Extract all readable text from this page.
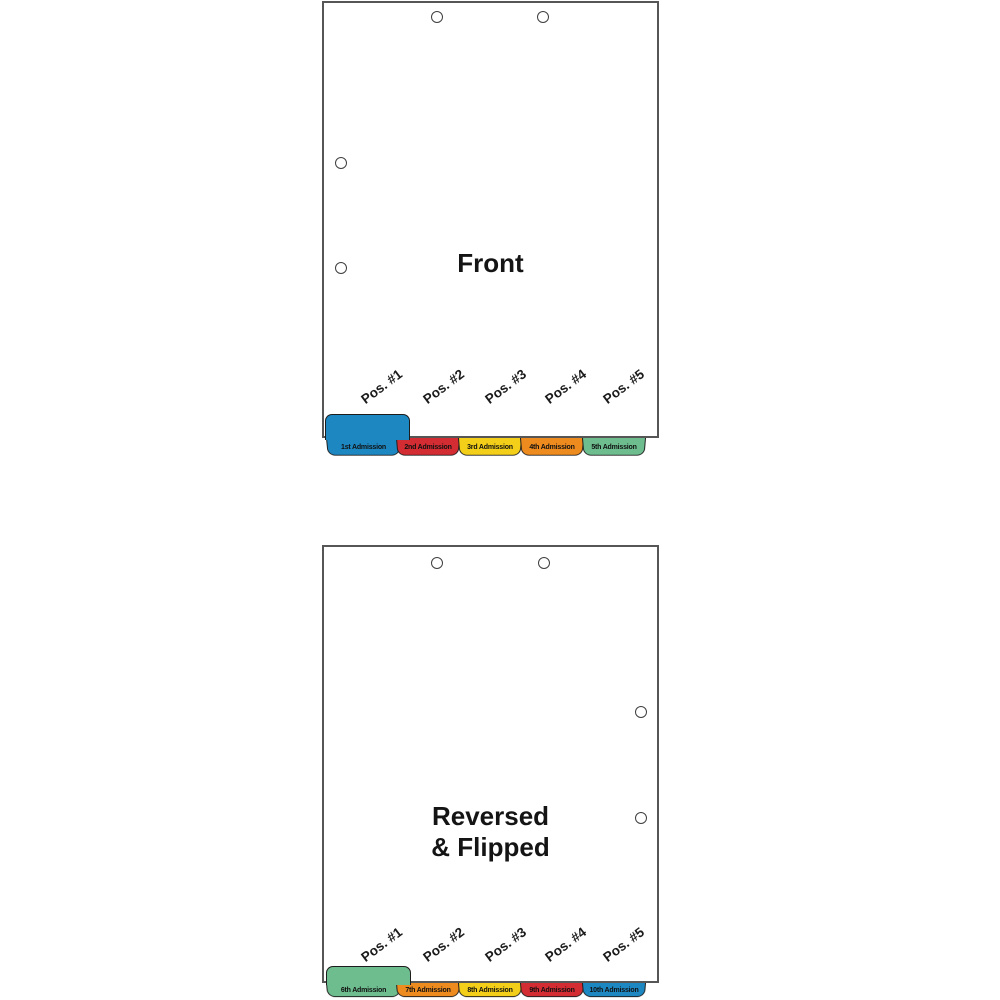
Front
Pos. #1	Pos. #2	Pos. #3 Pos. #4 Pos. #5
1st Admission	2nd Admission 3rd Admission 4th Admission 5th Admission
Reversed
& Flipped
Pos. #1	Pos. #2	Pos. #3 Pos. #4 Pos. #5
6th Admission	7th Admission 8th Admission 9th Admission 10th Admission
